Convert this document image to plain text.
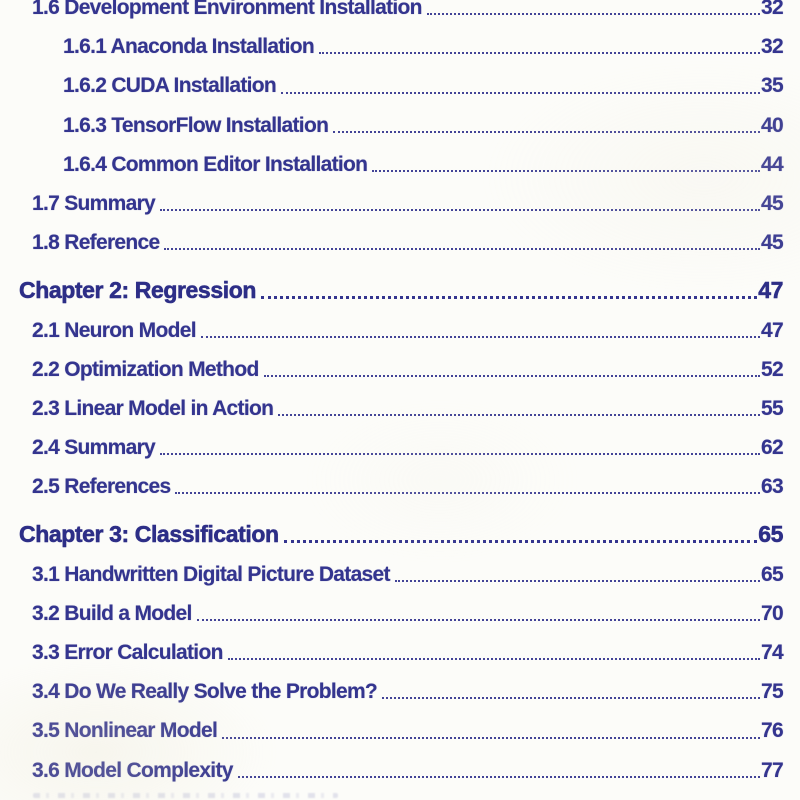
1.6 Development Environment Installation	32
1.6.1 Anaconda Installation	32
1.6.2 CUDA Installation	35
1.6.3 TensorFlow Installation	40
1.6.4 Common Editor Installation	44
1.7 Summary	45
1.8 Reference	45
Chapter 2: Regression	47
2.1 Neuron Model	47
2.2 Optimization Method	52
2.3 Linear Model in Action	55
2.4 Summary	62
2.5 References	63
Chapter 3: Classification	65
3.1 Handwritten Digital Picture Dataset	65
3.2 Build a Model	70
3.3 Error Calculation	74
3.4 Do We Really Solve the Problem?	75
3.5 Nonlinear Model	76
3.6 Model Complexity	77
